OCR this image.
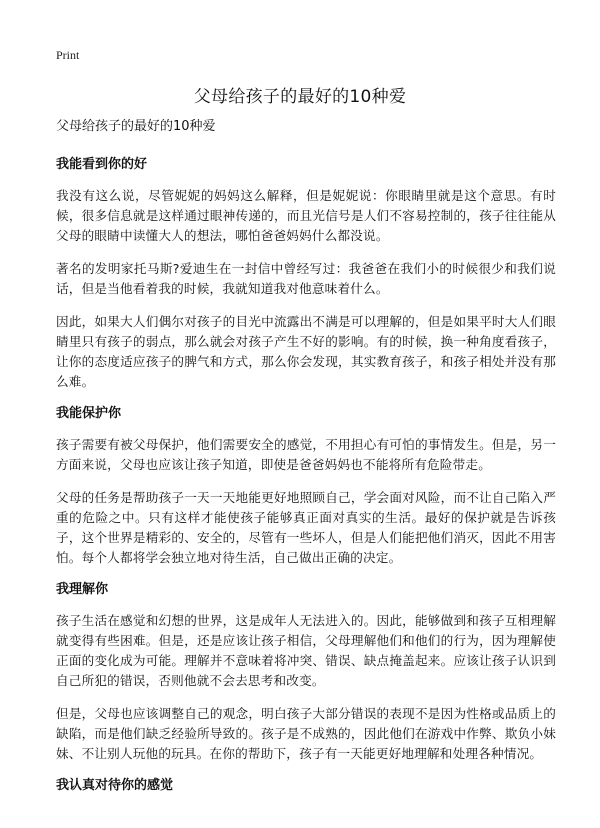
Print
父母给孩子的最好的10种爱
父母给孩子的最好的10种爱
我能看到你的好

我没有这么说，尽管妮妮的妈妈这么解释，但是妮妮说：你眼睛里就是这个意思。有时候，很多信息就是这样通过眼神传递的，而且光信号是人们不容易控制的，孩子往往能从父母的眼睛中读懂大人的想法，哪怕爸爸妈妈什么都没说。

著名的发明家托马斯?爱迪生在一封信中曾经写过：我爸爸在我们小的时候很少和我们说话，但是当他看着我的时候，我就知道我对他意味着什么。

因此，如果大人们偶尔对孩子的目光中流露出不满是可以理解的，但是如果平时大人们眼睛里只有孩子的弱点，那么就会对孩子产生不好的影响。有的时候，换一种角度看孩子，让你的态度适应孩子的脾气和方式，那么你会发现，其实教育孩子，和孩子相处并没有那么难。

我能保护你

孩子需要有被父母保护，他们需要安全的感觉，不用担心有可怕的事情发生。但是，另一方面来说，父母也应该让孩子知道，即使是爸爸妈妈也不能将所有危险带走。

父母的任务是帮助孩子一天一天地能更好地照顾自己，学会面对风险，而不让自己陷入严重的危险之中。只有这样才能使孩子能够真正面对真实的生活。最好的保护就是告诉孩子，这个世界是精彩的、安全的，尽管有一些坏人，但是人们能把他们消灭，因此不用害怕。每个人都将学会独立地对待生活，自己做出正确的决定。

我理解你

孩子生活在感觉和幻想的世界，这是成年人无法进入的。因此，能够做到和孩子互相理解就变得有些困难。但是，还是应该让孩子相信，父母理解他们和他们的行为，因为理解使正面的变化成为可能。理解并不意味着将冲突、错误、缺点掩盖起来。应该让孩子认识到自己所犯的错误，否则他就不会去思考和改变。

但是，父母也应该调整自己的观念，明白孩子大部分错误的表现不是因为性格或品质上的缺陷，而是他们缺乏经验所导致的。孩子是不成熟的，因此他们在游戏中作弊、欺负小妹妹、不让别人玩他的玩具。在你的帮助下，孩子有一天能更好地理解和处理各种情况。

我认真对待你的感觉
